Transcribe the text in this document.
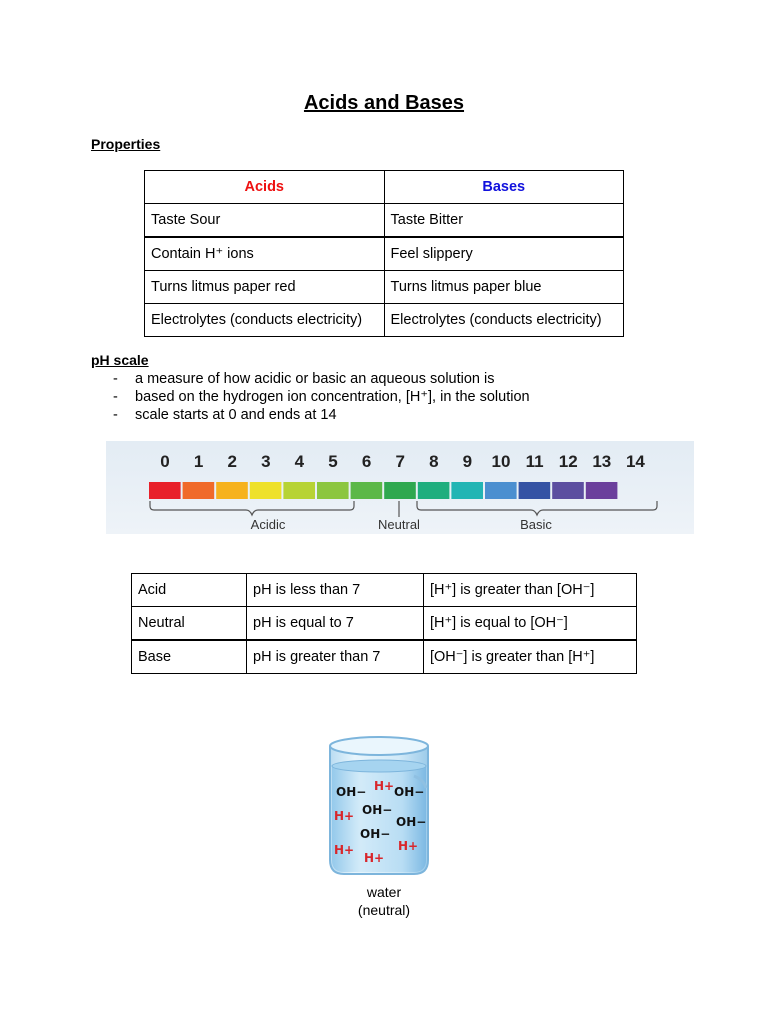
Acids and Bases
Properties
Acids	Bases
Taste Sour	Taste Bitter
Contain H⁺ ions	Feel slippery
Turns litmus paper red	Turns litmus paper blue
Electrolytes (conducts electricity)	Electrolytes (conducts electricity)
pH scale
- a measure of how acidic or basic an aqueous solution is
- based on the hydrogen ion concentration, [H⁺], in the solution
- scale starts at 0 and ends at 14
0 1 2 3 4 5 6 7 8 9 10 11 12 13 14
Acidic	Neutral	Basic
Acid	pH is less than 7	[H⁺] is greater than [OH⁻]
Neutral	pH is equal to 7	[H⁺] is equal to [OH⁻]
Base	pH is greater than 7	[OH⁻] is greater than [H⁺]
H+
OH− OH−
OH−
H+	OH−
OH−
H+	H+
H+
water
(neutral)
